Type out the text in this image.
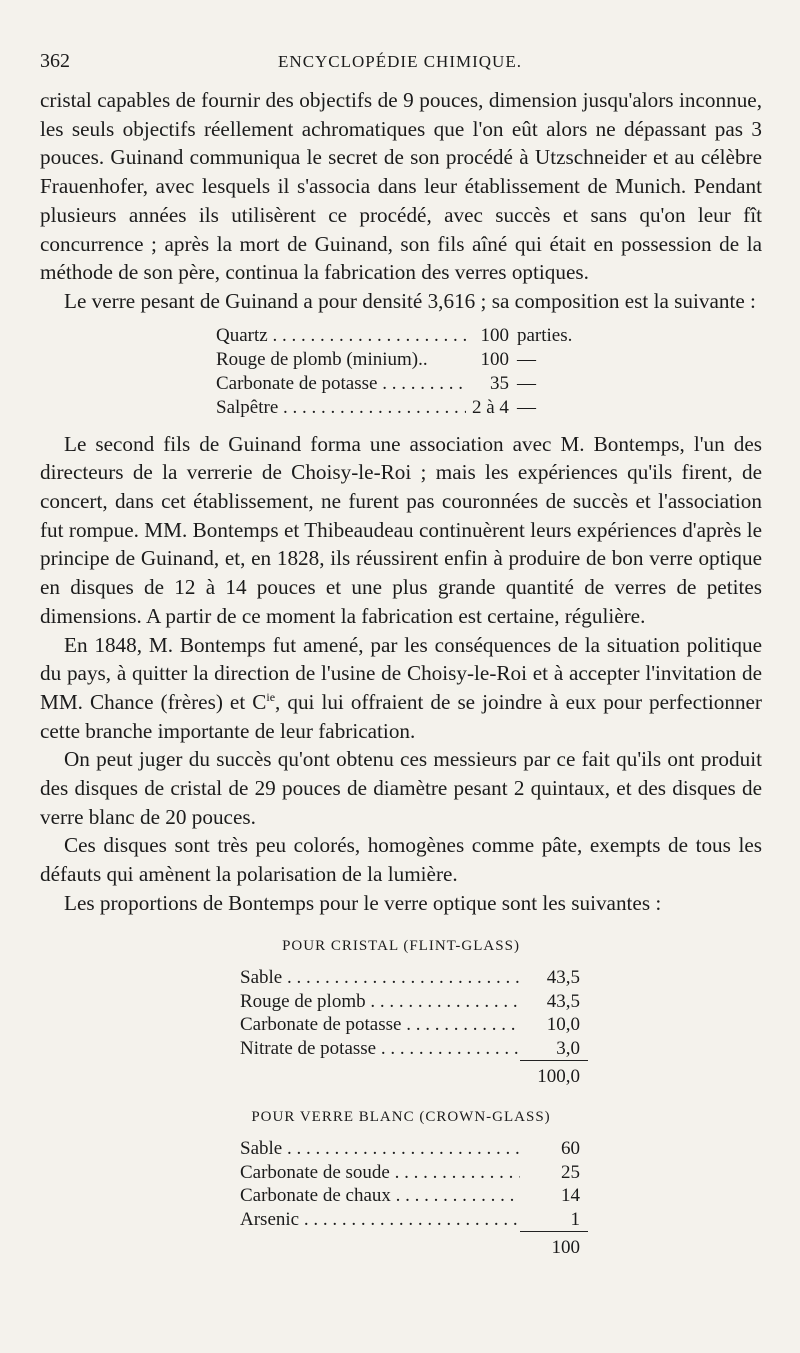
362	ENCYCLOPÉDIE CHIMIQUE.

cristal capables de fournir des objectifs de 9 pouces, dimension jusqu'alors inconnue, les seuls objectifs réellement achromatiques que l'on eût alors ne dépassant pas 3 pouces. Guinand communiqua le secret de son procédé à Utzschneider et au célèbre Frauenhofer, avec lesquels il s'associa dans leur établissement de Munich. Pendant plusieurs années ils utilisèrent ce procédé, avec succès et sans qu'on leur fît concurrence ; après la mort de Guinand, son fils aîné qui était en possession de la méthode de son père, continua la fabrication des verres optiques.

Le verre pesant de Guinand a pour densité 3,616 ; sa composition est la suivante :

Quartz . . .	100	parties.
Rouge de plomb (minium)..	100	—
Carbonate de potasse . . .	35	—
Salpêtre . . .	2 à 4	—

Le second fils de Guinand forma une association avec M. Bontemps, l'un des directeurs de la verrerie de Choisy-le-Roi ; mais les expériences qu'ils firent, de concert, dans cet établissement, ne furent pas couronnées de succès et l'association fut rompue. MM. Bontemps et Thibeaudeau continuèrent leurs expériences d'après le principe de Guinand, et, en 1828, ils réussirent enfin à produire de bon verre optique en disques de 12 à 14 pouces et une plus grande quantité de verres de petites dimensions. A partir de ce moment la fabrication est certaine, régulière.

En 1848, M. Bontemps fut amené, par les conséquences de la situation politique du pays, à quitter la direction de l'usine de Choisy-le-Roi et à accepter l'invitation de MM. Chance (frères) et $C^{ie}$, qui lui offraient de se joindre à eux pour perfectionner cette branche importante de leur fabrication.

On peut juger du succès qu'ont obtenu ces messieurs par ce fait qu'ils ont produit des disques de cristal de 29 pouces de diamètre pesant 2 quintaux, et des disques de verre blanc de 20 pouces.

Ces disques sont très peu colorés, homogènes comme pâte, exempts de tous les défauts qui amènent la polarisation de la lumière.

Les proportions de Bontemps pour le verre optique sont les suivantes :

POUR CRISTAL (FLINT-GLASS)
Sable . . .	43,5
Rouge de plomb . . .	43,5
Carbonate de potasse . . .	10,0
Nitrate de potasse . . .	3,0
	100,0
POUR VERRE BLANC (CROWN-GLASS)
Sable . . .	60
Carbonate de soude . . .	25
Carbonate de chaux . . .	14
Arsenic . . .	1
	100
